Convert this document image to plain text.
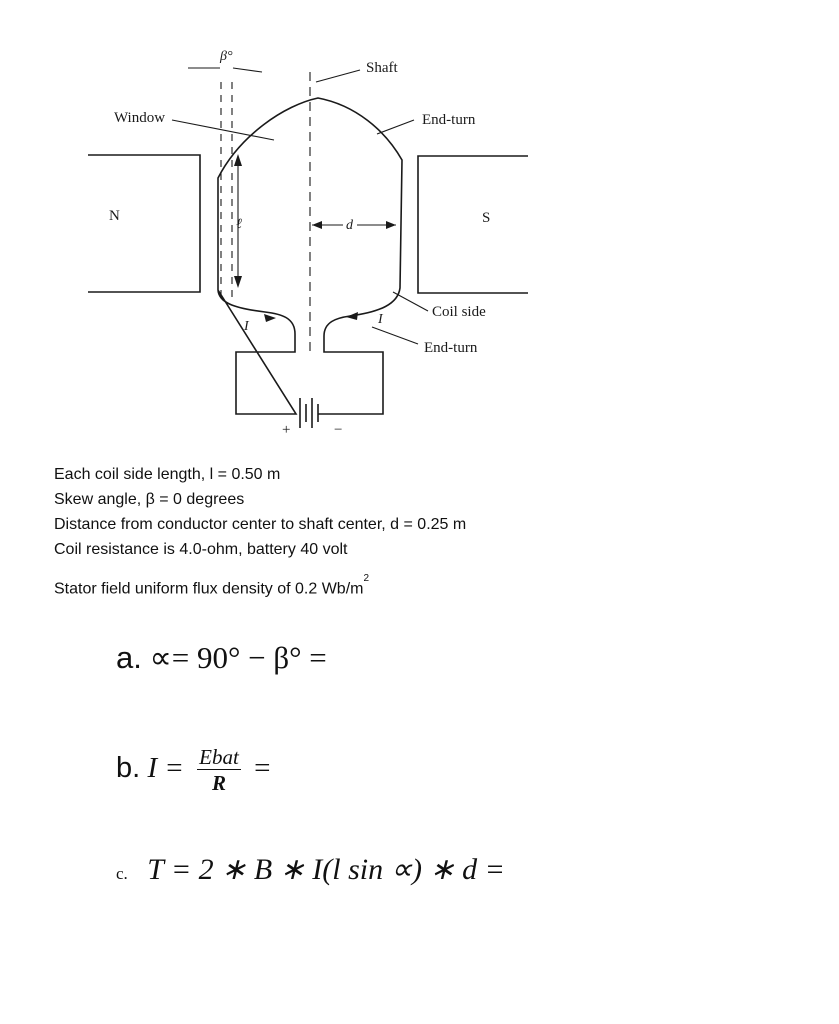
N	S
β°
+	−
ℓ	d
I	I
Shaft
Window	End-turn
Coil side
End-turn
Each coil side length, l = 0.50 m
Skew angle, β = 0 degrees
Distance from conductor center to shaft center, d = 0.25 m
Coil resistance is 4.0-ohm, battery 40 volt
Stator field uniform flux density of 0.2 $Wb/m^2$
a. ∝= 90° − β° =
b. $I = \frac{\text{Ebat}}{R}$ =
c. T = 2 ∗ B ∗ I(l sin ∝) ∗ d =
